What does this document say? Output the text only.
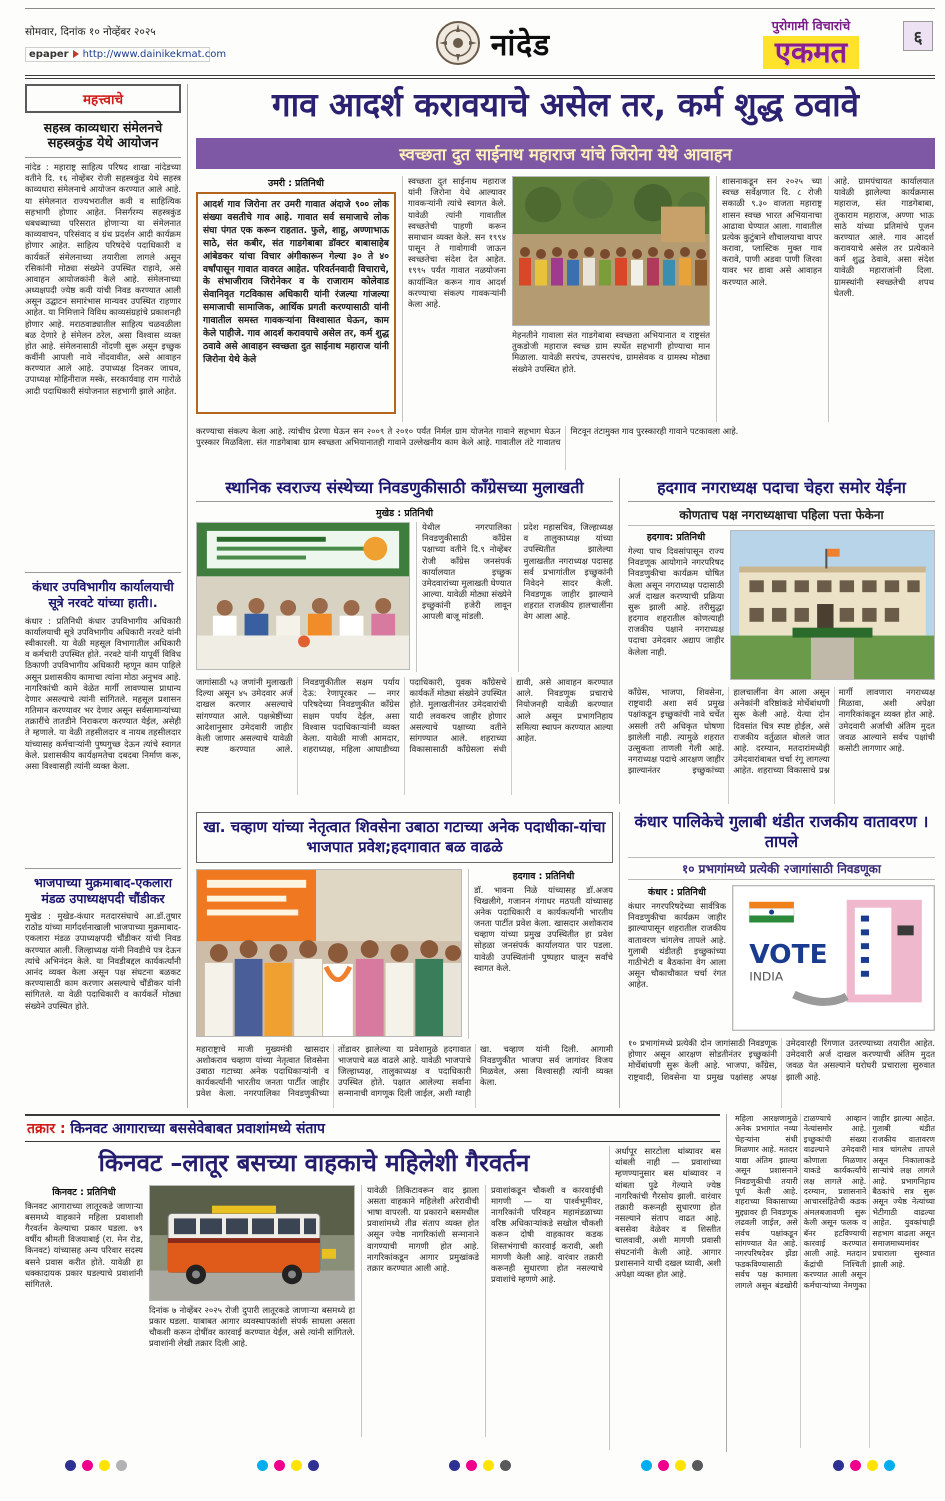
सोमवार, दिनांक १० नोव्हेंबर २०२५
epaper http://www.dainikekmat.com	नांदेड
पुरोगामी विचारांचे
एकमत	६
महत्त्वाचे
सहस्त्र काव्यधारा संमेलनचे
सहस्त्रकुंड येथे आयोजन
नांदेड : महाराष्ट्र साहित्य परिषद शाखा नांदेडच्या वतीने दि. १६ नोव्हेंबर रोजी सहस्त्रकुंड येथे सहस्त्र काव्यधारा संमेलनाचे आयोजन करण्यात आले आहे. या संमेलनात राज्यभरातील कवी व साहित्यिक सहभागी होणार आहेत. निसर्गरम्य सहस्त्रकुंड धबधब्याच्या परिसरात होणाऱ्या या संमेलनात काव्यवाचन, परिसंवाद व ग्रंथ प्रदर्शन आदी कार्यक्रम होणार आहेत. साहित्य परिषदेचे पदाधिकारी व कार्यकर्ते संमेलनाच्या तयारीला लागले असून रसिकांनी मोठ्या संख्येने उपस्थित राहावे, असे आवाहन आयोजकांनी केले आहे. संमेलनाच्या अध्यक्षपदी ज्येष्ठ कवी यांची निवड करण्यात आली असून उद्घाटन समारंभास मान्यवर उपस्थित राहणार आहेत. या निमित्ताने विविध काव्यसंग्रहांचे प्रकाशनही होणार आहे. मराठवाड्यातील साहित्य चळवळीला बळ देणारे हे संमेलन ठरेल, असा विश्वास व्यक्त होत आहे. संमेलनासाठी नोंदणी सुरू असून इच्छुक कवींनी आपली नावे नोंदवावीत, असे आवाहन करण्यात आले आहे. उपाध्यक्ष दिनकर जाधव, उपाध्यक्ष मोहिनीराज मस्के, सरकार्यवाह राम गारोळे आदी पदाधिकारी संयोजनात सहभागी झाले आहेत.
कंधार उपविभागीय कार्यालयाची सूत्रे नरवटे यांच्या हाती।.
कंधार : प्रतिनिधी कंधार उपविभागीय अधिकारी कार्यालयाची सूत्रे उपविभागीय अधिकारी नरवटे यांनी स्वीकारली. या वेळी महसूल विभागातील अधिकारी व कर्मचारी उपस्थित होते. नरवटे यांनी यापूर्वी विविध ठिकाणी उपविभागीय अधिकारी म्हणून काम पाहिले असून प्रशासकीय कामाचा त्यांना मोठा अनुभव आहे. नागरिकांची कामे वेळेत मार्गी लावण्यास प्राधान्य देणार असल्याचे त्यांनी सांगितले. महसूल प्रशासन गतिमान करण्यावर भर देणार असून सर्वसामान्यांच्या तक्रारींचे तातडीने निराकरण करण्यात येईल, असेही ते म्हणाले. या वेळी तहसीलदार व नायब तहसीलदार यांच्यासह कर्मचाऱ्यांनी पुष्पगुच्छ देऊन त्यांचे स्वागत केले. प्रशासकीय कार्यक्षमतेचा दबदबा निर्माण करू, असा विश्वासही त्यांनी व्यक्त केला.
भाजपाच्या मुक्रमाबाद-एकलारा मंडळ उपाध्यक्षपदी चौंडीकर
मुखेड : मुखेड-कंधार मतदारसंघाचे आ.डॉ.तुषार राठोड यांच्या मार्गदर्शनाखाली भाजपाच्या मुक्रमाबाद-एकलारा मंडळ उपाध्यक्षपदी चौंडीकर यांची निवड करण्यात आली. जिल्हाध्यक्ष यांनी निवडीचे पत्र देऊन त्यांचे अभिनंदन केले. या निवडीबद्दल कार्यकर्त्यांनी आनंद व्यक्त केला असून पक्ष संघटना बळकट करण्यासाठी काम करणार असल्याचे चौंडीकर यांनी सांगितले. या वेळी पदाधिकारी व कार्यकर्ते मोठ्या संख्येने उपस्थित होते.
गाव आदर्श करावयाचे असेल तर, कर्म शुद्ध ठवावे
स्वच्छता दुत साईनाथ महाराज यांचे जिरोना येथे आवाहन
उमरी : प्रतिनिधी
आदर्श गाव जिरोना तर उमरी गावात अंदाजे ९०० लोक संख्या वसतीचे गाव आहे. गावात सर्व समाजाचे लोक संघा पंगत एक करून राहतात. फुले, शाहू, अण्णाभाऊ साठे, संत कबीर, संत गाडगेबाबा डॉक्टर बाबासाहेब आंबेडकर यांचा विचार अंगीकारून गेल्या ३० ते ४० वर्षांपासून गावात वावरत आहेत. परिवर्तनवादी विचाराचे, के संभाजीराव जिरोनेकर व के राजाराम कोलेवाड सेवानिवृत गटविकास अधिकारी यांनी रंजल्या गांजल्या समाजाची सामाजिक, आर्थिक प्रगती करण्यासाठी यांनी गावातील समस्त गावकऱ्यांना विश्वासात घेऊन, काम केले पाहीजे. गाव आदर्श करावयाचे असेल तर, कर्म शुद्ध ठवावे असे आवाहन स्वच्छता दुत साईनाथ महाराज यांनी जिरोना येथे केले
स्वच्छता दुत साईनाथ महाराज यांनी जिरोना येथे आल्यावर गावकऱ्यांनी त्यांचे स्वागत केले. यावेळी त्यांनी गावातील स्वच्छतेची पाहणी करून समाधान व्यक्त केले. सन १९९४ पासून ते गावोगावी जाऊन स्वच्छतेचा संदेश देत आहेत. १९९५ पर्यंत गावात नळयोजना कार्यान्वित करून गाव आदर्श करण्याचा संकल्प गावकऱ्यांनी केला आहे.
मेहनतीने गावाला संत गाडगेबाबा स्वच्छता अभियानात व राष्ट्रसंत तुकडोजी महाराज स्वच्छ ग्राम स्पर्धेत सहभागी होण्याचा मान मिळाला. यावेळी सरपंच, उपसरपंच, ग्रामसेवक व ग्रामस्थ मोठ्या संख्येने उपस्थित होते.
शासनाकडून सन २०२५ च्या स्वच्छ सर्वेक्षणात दि. ८ रोजी सकाळी ९.३० वाजता महाराष्ट्र शासन स्वच्छ भारत अभियानाचा आढावा घेण्यात आला. गावातील प्रत्येक कुटुंबाने शौचालयाचा वापर करावा, प्लास्टिक मुक्त गाव करावे, पाणी अडवा पाणी जिरवा यावर भर द्यावा असे आवाहन करण्यात आले.
आहे. ग्रामपंचायत कार्यालयात यावेळी झालेल्या कार्यक्रमास महाराज, संत गाडगेबाबा, तुकाराम महाराज, अण्णा भाऊ साठे यांच्या प्रतिमांचे पूजन करण्यात आले. गाव आदर्श करावयाचे असेल तर प्रत्येकाने कर्म शुद्ध ठेवावे, असा संदेश यावेळी महाराजांनी दिला. ग्रामस्थांनी स्वच्छतेची शपथ घेतली.
करण्याचा संकल्प केला आहे. त्यांचीच प्रेरणा घेऊन सन २००९ ते २०१० पर्यंत निर्मल ग्राम योजनेत गावाने सहभाग घेऊन पुरस्कार मिळविला. संत गाडगेबाबा ग्राम स्वच्छता अभियानातही गावाने उल्लेखनीय काम केले आहे. गावातील तंटे गावातच मिटवून तंटामुक्त गाव पुरस्कारही गावाने पटकावला आहे.
स्थानिक स्वराज्य संस्थेच्या निवडणुकीसाठी काँग्रेसच्या मुलाखती
मुखेड : प्रतिनिधी
येथील नगरपालिका निवडणुकीसाठी काँग्रेस पक्षाच्या वतीने दि.९ नोव्हेंबर रोजी काँग्रेस जनसंपर्क कार्यालयात इच्छुक उमेदवारांच्या मुलाखती घेण्यात आल्या. यावेळी मोठ्या संख्येने इच्छुकांनी हजेरी लावून आपली बाजू मांडली.
प्रदेश महासचिव, जिल्हाध्यक्ष व तालुकाध्यक्ष यांच्या उपस्थितीत झालेल्या मुलाखतीत नगराध्यक्ष पदासह सर्व प्रभागांतील इच्छुकांनी निवेदने सादर केली. निवडणूक जाहीर झाल्याने शहरात राजकीय हालचालींना वेग आला आहे.
जागांसाठी ५३ जणांनी मुलाखती दिल्या असून ४५ उमेदवार अर्ज दाखल करणार असल्याचे सांगण्यात आले. पक्षश्रेष्ठींच्या आदेशानुसार उमेदवारी जाहीर केली जाणार असल्याचे यावेळी स्पष्ट करण्यात आले. निवडणुकीतील सक्षम पर्याय देऊ: रेणापूरकर — नगर परिषदेच्या निवडणुकीत काँग्रेस सक्षम पर्याय देईल, असा विश्वास पदाधिकाऱ्यांनी व्यक्त केला. यावेळी माजी आमदार, शहराध्यक्ष, महिला आघाडीच्या पदाधिकारी, युवक काँग्रेसचे कार्यकर्ते मोठ्या संख्येने उपस्थित होते. मुलाखतीनंतर उमेदवारांची यादी लवकरच जाहीर होणार असल्याचे पक्षाच्या वतीने सांगण्यात आले. शहराच्या विकासासाठी काँग्रेसला संधी द्यावी, असे आवाहन करण्यात आले. निवडणूक प्रचाराचे नियोजनही यावेळी करण्यात आले असून प्रभागनिहाय समित्या स्थापन करण्यात आल्या आहेत.
हदगाव नगराध्यक्ष पदाचा चेहरा समोर येईना
कोणताच पक्ष नगराध्यक्षाचा पहिला पत्ता फेकेना
हदगाव: प्रतिनिधी
गेल्या पाच दिवसांपासून राज्य निवडणूक आयोगाने नगरपरिषद निवडणुकीचा कार्यक्रम घोषित केला असून नगराध्यक्ष पदासाठी अर्ज दाखल करण्याची प्रक्रिया सुरू झाली आहे. तरीसुद्धा हदगाव शहरातील कोणत्याही राजकीय पक्षाने नगराध्यक्ष पदाचा उमेदवार अद्याप जाहीर केलेला नाही.
काँग्रेस, भाजपा, शिवसेना, राष्ट्रवादी अशा सर्व प्रमुख पक्षांकडून इच्छुकांची नावे चर्चेत असली तरी अधिकृत घोषणा झालेली नाही. त्यामुळे शहरात उत्सुकता ताणली गेली आहे. नगराध्यक्ष पदाचे आरक्षण जाहीर झाल्यानंतर इच्छुकांच्या हालचालींना वेग आला असून अनेकांनी वरिष्ठांकडे मोर्चेबांधणी सुरू केली आहे. येत्या दोन दिवसांत चित्र स्पष्ट होईल, असे राजकीय वर्तुळात बोलले जात आहे. दरम्यान, मतदारांमध्येही उमेदवारांबाबत चर्चा रंगू लागल्या आहेत. शहराच्या विकासाचे प्रश्न मार्गी लावणारा नगराध्यक्ष मिळावा, अशी अपेक्षा नागरिकांकडून व्यक्त होत आहे. उमेदवारी अर्जाची अंतिम मुदत जवळ आल्याने सर्वच पक्षांची कसोटी लागणार आहे.
खा. चव्हाण यांच्या नेतृत्वात शिवसेना उबाठा गटाच्या अनेक पदाधीका-यांचा भाजपात प्रवेश;हदगावात बळ वाढळे
हदगाव : प्रतिनिधी
डॉ. भावना निळे यांच्यासह डॉ.अजय चिखलीगे, गजानन गंगाधर मठपती यांच्यासह अनेक पदाधिकारी व कार्यकर्त्यांनी भारतीय जनता पार्टीत प्रवेश केला. खासदार अशोकराव चव्हाण यांच्या प्रमुख उपस्थितीत हा प्रवेश सोहळा जनसंपर्क कार्यालयात पार पडला. यावेळी उपस्थितांनी पुष्पहार घालून सर्वांचे स्वागत केले.
महाराष्ट्राचे माजी मुख्यमंत्री खासदार अशोकराव चव्हाण यांच्या नेतृत्वात शिवसेना उबाठा गटाच्या अनेक पदाधिकाऱ्यांनी व कार्यकर्त्यांनी भारतीय जनता पार्टीत जाहीर प्रवेश केला. नगरपालिका निवडणुकीच्या तोंडावर झालेल्या या प्रवेशामुळे हदगावात भाजपाचे बळ वाढले आहे. यावेळी भाजपाचे जिल्हाध्यक्ष, तालुकाध्यक्ष व पदाधिकारी उपस्थित होते. पक्षात आलेल्या सर्वांना सन्मानाची वागणूक दिली जाईल, अशी ग्वाही खा. चव्हाण यांनी दिली. आगामी निवडणुकीत भाजपा सर्व जागांवर विजय मिळवेल, असा विश्वासही त्यांनी व्यक्त केला.
कंधार पालिकेचे गुलाबी थंडीत राजकीय वातावरण । तापले
१० प्रभागांमध्ये प्रत्येकी २जागांसाठी निवडणूका
कंधार : प्रतिनिधी
कंधार नगरपरिषदेच्या सार्वत्रिक निवडणुकीचा कार्यक्रम जाहीर झाल्यापासून शहरातील राजकीय वातावरण चांगलेच तापले आहे. गुलाबी थंडीतही इच्छुकांच्या गाठीभेटी व बैठकांना वेग आला असून चौकाचौकात चर्चा रंगत आहेत.
VOTE
INDIA
१० प्रभागांमध्ये प्रत्येकी दोन जागांसाठी निवडणूक होणार असून आरक्षण सोडतीनंतर इच्छुकांनी मोर्चेबांधणी सुरू केली आहे. भाजपा, काँग्रेस, राष्ट्रवादी, शिवसेना या प्रमुख पक्षांसह अपक्ष उमेदवारही रिंगणात उतरण्याच्या तयारीत आहेत. उमेदवारी अर्ज दाखल करण्याची अंतिम मुदत जवळ येत असल्याने घरोघरी प्रचाराला सुरुवात झाली आहे.
तक्रार : किनवट आगाराच्या बससेवेबाबत प्रवाशांमध्ये संताप
किनवट –लातूर बसच्या वाहकाचे महिलेशी गैरवर्तन
किनवट : प्रतिनिधी
किनवट आगाराच्या लातूरकडे जाणाऱ्या बसमध्ये वाहकाने महिला प्रवाशाशी गैरवर्तन केल्याचा प्रकार घडला. ७९ वर्षीय श्रीमती विजयाबाई (रा. मेन रोड, किनवट) यांच्यासह अन्य परिवार सदस्य बसने प्रवास करीत होते. यावेळी हा धक्कादायक प्रकार घडल्याचे प्रवाशांनी सांगितले.
दिनांक ७ नोव्हेंबर २०२५ रोजी दुपारी लातूरकडे जाणाऱ्या बसमध्ये हा प्रकार घडला. याबाबत आगार व्यवस्थापकांशी संपर्क साधला असता चौकशी करून दोषींवर कारवाई करण्यात येईल, असे त्यांनी सांगितले. प्रवाशांनी लेखी तक्रार दिली आहे.
यावेळी तिकिटावरून वाद झाला असता वाहकाने महिलेशी अरेरावीची भाषा वापरली. या प्रकाराने बसमधील प्रवाशांमध्ये तीव्र संताप व्यक्त होत असून ज्येष्ठ नागरिकांशी सन्मानाने वागण्याची मागणी होत आहे. नागरिकांकडून आगार प्रमुखांकडे तक्रार करण्यात आली आहे.
प्रवाशांकडून चौकशी व कारवाईची मागणी — या पार्श्वभूमीवर, नागरिकांनी परिवहन महामंडळाच्या वरिष्ठ अधिकाऱ्यांकडे सखोल चौकशी करून दोषी वाहकावर कडक शिस्तभंगाची कारवाई करावी, अशी मागणी केली आहे. वारंवार तक्रारी करूनही सुधारणा होत नसल्याचे प्रवाशांचे म्हणणे आहे.
अर्धापूर सारटोला थांब्यावर बस थांबली नाही — प्रवाशांच्या म्हणण्यानुसार बस थांब्यावर न थांबता पुढे गेल्याने ज्येष्ठ नागरिकांची गैरसोय झाली. वारंवार तक्रारी करूनही सुधारणा होत नसल्याने संताप वाढत आहे. बससेवा वेळेवर व शिस्तीत चालवावी, अशी मागणी प्रवासी संघटनांनी केली आहे. आगार प्रशासनाने याची दखल घ्यावी, अशी अपेक्षा व्यक्त होत आहे.
महिला आरक्षणामुळे अनेक प्रभागांत नव्या चेहऱ्यांना संधी मिळणार आहे. मतदार याद्या अंतिम झाल्या असून प्रशासनाने निवडणुकीची तयारी पूर्ण केली आहे. शहराच्या विकासाच्या मुद्द्यावर ही निवडणूक लढवली जाईल, असे सर्वच पक्षांकडून सांगण्यात येत आहे. नगरपरिषदेवर झेंडा फडकविण्यासाठी सर्वच पक्ष कामाला लागले असून बंडखोरी टाळण्याचे आव्हान नेत्यांसमोर आहे. इच्छुकांची संख्या वाढल्याने उमेदवारी कोणाला मिळणार याकडे कार्यकर्त्यांचे लक्ष लागले आहे. दरम्यान, प्रशासनाने आचारसंहितेची कडक अंमलबजावणी सुरू केली असून फलक व बॅनर हटविण्याची कारवाई करण्यात आली आहे. मतदान केंद्रांची निश्चिती करण्यात आली असून कर्मचाऱ्यांच्या नेमणुका जाहीर झाल्या आहेत. गुलाबी थंडीत राजकीय वातावरण मात्र चांगलेच तापले असून निकालाकडे साऱ्यांचे लक्ष लागले आहे. प्रभागनिहाय बैठकांचे सत्र सुरू असून ज्येष्ठ नेत्यांच्या भेटीगाठी वाढल्या आहेत. युवकांचाही सहभाग वाढला असून समाजमाध्यमांवर प्रचाराला सुरुवात झाली आहे.
